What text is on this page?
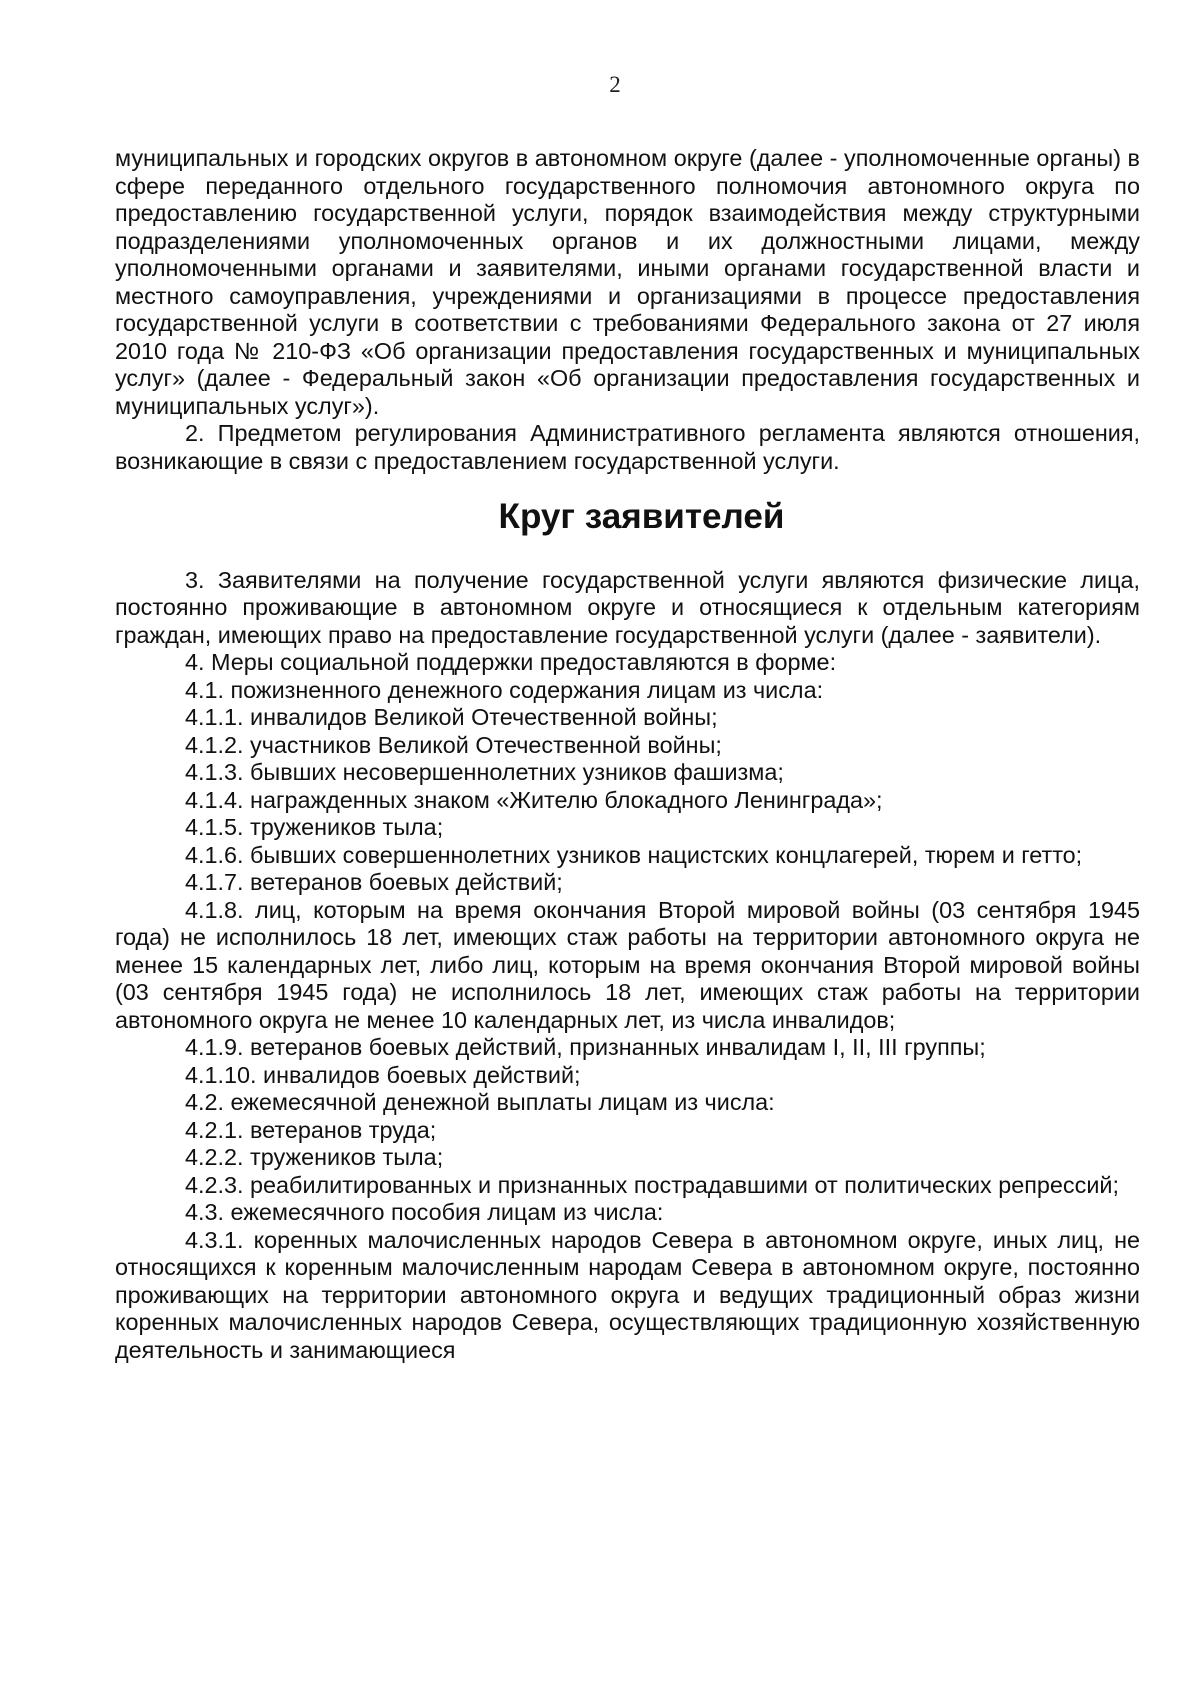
2

муниципальных и городских округов в автономном округе (далее - уполномоченные органы) в сфере переданного отдельного государственного полномочия автономного округа по предоставлению государственной услуги, порядок взаимодействия между структурными подразделениями уполномоченных органов и их должностными лицами, между уполномоченными органами и заявителями, иными органами государственной власти и местного самоуправления, учреждениями и организациями в процессе предоставления государственной услуги в соответствии с требованиями Федерального закона от 27 июля 2010 года № 210-ФЗ «Об организации предоставления государственных и муниципальных услуг» (далее - Федеральный закон «Об организации предоставления государственных и муниципальных услуг»).

2. Предметом регулирования Административного регламента являются отношения, возникающие в связи с предоставлением государственной услуги.

Круг заявителей

3. Заявителями на получение государственной услуги являются физические лица, постоянно проживающие в автономном округе и относящиеся к отдельным категориям граждан, имеющих право на предоставление государственной услуги (далее - заявители).

4. Меры социальной поддержки предоставляются в форме:

4.1. пожизненного денежного содержания лицам из числа:

4.1.1. инвалидов Великой Отечественной войны;

4.1.2. участников Великой Отечественной войны;

4.1.3. бывших несовершеннолетних узников фашизма;

4.1.4. награжденных знаком «Жителю блокадного Ленинграда»;

4.1.5. тружеников тыла;

4.1.6. бывших совершеннолетних узников нацистских концлагерей, тюрем и гетто;

4.1.7. ветеранов боевых действий;

4.1.8. лиц, которым на время окончания Второй мировой войны (03 сентября 1945 года) не исполнилось 18 лет, имеющих стаж работы на территории автономного округа не менее 15 календарных лет, либо лиц, которым на время окончания Второй мировой войны (03 сентября 1945 года) не исполнилось 18 лет, имеющих стаж работы на территории автономного округа не менее 10 календарных лет, из числа инвалидов;

4.1.9. ветеранов боевых действий, признанных инвалидам I, II, III группы;

4.1.10. инвалидов боевых действий;

4.2. ежемесячной денежной выплаты лицам из числа:

4.2.1. ветеранов труда;

4.2.2. тружеников тыла;

4.2.3. реабилитированных и признанных пострадавшими от политических репрессий;

4.3. ежемесячного пособия лицам из числа:

4.3.1. коренных малочисленных народов Севера в автономном округе, иных лиц, не относящихся к коренным малочисленным народам Севера в автономном округе, постоянно проживающих на территории автономного округа и ведущих традиционный образ жизни коренных малочисленных народов Севера, осуществляющих традиционную хозяйственную деятельность и занимающиеся
